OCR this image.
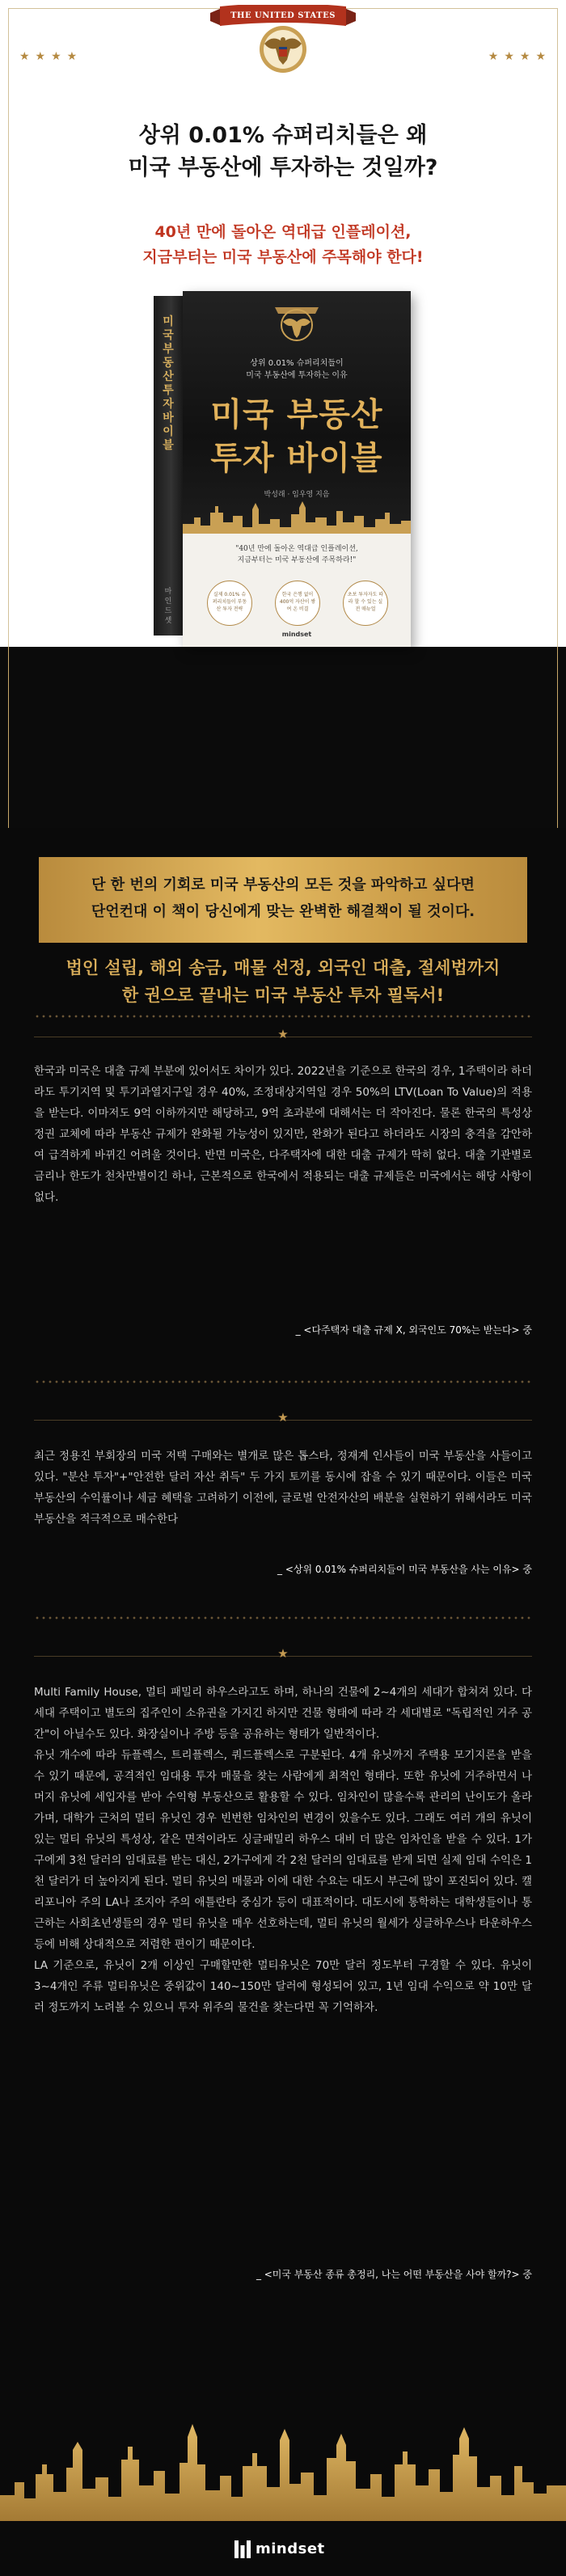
★★★★	★★★★
THE UNITED STATES
상위 0.01% 슈퍼리치들은 왜
미국 부동산에 투자하는 것일까?
40년 만에 돌아온 역대급 인플레이션,
지금부터는 미국 부동산에 주목해야 한다!
미국 부동산 투자 바이블
마인드셋
상위 0.01% 슈퍼리치들이
미국 부동산에 투자하는 이유
미국 부동산
투자 바이블
박성래 · 임우영 지음
"40년 만에 돌아온 역대급 인플레이션,
지금부터는 미국 부동산에 주목하라!"
실제 0.01% 슈퍼리치들이 부동산 투자 전략
한국 은행 없이 400억 자산이 쌓여 온 비결
초보 투자자도 따라 할 수 있는 실전 매뉴얼
mindset
단 한 번의 기회로 미국 부동산의 모든 것을 파악하고 싶다면
단언컨대 이 책이 당신에게 맞는 완벽한 해결책이 될 것이다.
법인 설립, 해외 송금, 매물 선정, 외국인 대출, 절세법까지
한 권으로 끝내는 미국 부동산 투자 필독서!
★
한국과 미국은 대출 규제 부분에 있어서도 차이가 있다. 2022년을 기준으로 한국의 경우, 1주택이라 하더라도 투기지역 및 투기과열지구일 경우 40%, 조정대상지역일 경우 50%의 LTV(Loan To Value)의 적용을 받는다. 이마저도 9억 이하까지만 해당하고, 9억 초과분에 대해서는 더 작아진다. 물론 한국의 특성상 정권 교체에 따라 부동산 규제가 완화될 가능성이 있지만, 완화가 된다고 하더라도 시장의 충격을 감안하여 급격하게 바뀌긴 어려울 것이다. 반면 미국은, 다주택자에 대한 대출 규제가 딱히 없다. 대출 기관별로 금리나 한도가 천차만별이긴 하나, 근본적으로 한국에서 적용되는 대출 규제들은 미국에서는 해당 사항이 없다.
_ <다주택자 대출 규제 X, 외국인도 70%는 받는다> 중
★
최근 정용진 부회장의 미국 저택 구매와는 별개로 많은 톱스타, 정재계 인사들이 미국 부동산을 사들이고 있다. "분산 투자"+"안전한 달러 자산 취득" 두 가지 토끼를 동시에 잡을 수 있기 때문이다. 이들은 미국 부동산의 수익률이나 세금 혜택을 고려하기 이전에, 글로벌 안전자산의 배분을 실현하기 위해서라도 미국 부동산을 적극적으로 매수한다
_ <상위 0.01% 슈퍼리치들이 미국 부동산을 사는 이유> 중
★
Multi Family House, 멀티 패밀리 하우스라고도 하며, 하나의 건물에 2~4개의 세대가 합쳐져 있다. 다세대 주택이고 별도의 집주인이 소유권을 가지긴 하지만 건물 형태에 따라 각 세대별로 "독립적인 거주 공간"이 아닐수도 있다. 화장실이나 주방 등을 공유하는 형태가 일반적이다.
유닛 개수에 따라 듀플렉스, 트리플렉스, 쿼드플렉스로 구분된다. 4개 유닛까지 주택용 모기지론을 받을 수 있기 때문에, 공격적인 임대용 투자 매물을 찾는 사람에게 최적인 형태다. 또한 유닛에 거주하면서 나머지 유닛에 세입자를 받아 수익형 부동산으로 활용할 수 있다. 임차인이 많을수록 관리의 난이도가 올라가며, 대학가 근처의 멀티 유닛인 경우 빈번한 임차인의 변경이 있을수도 있다. 그래도 여러 개의 유닛이 있는 멀티 유닛의 특성상, 같은 면적이라도 싱글패밀리 하우스 대비 더 많은 임차인을 받을 수 있다. 1가구에게 3천 달러의 임대료를 받는 대신, 2가구에게 각 2천 달러의 임대료를 받게 되면 실제 임대 수익은 1천 달러가 더 높아지게 된다. 멀티 유닛의 매물과 이에 대한 수요는 대도시 부근에 많이 포진되어 있다. 캘리포니아 주의 LA나 조지아 주의 애틀란타 중심가 등이 대표적이다. 대도시에 통학하는 대학생들이나 통근하는 사회초년생들의 경우 멀티 유닛을 매우 선호하는데, 멀티 유닛의 월세가 싱글하우스나 타운하우스 등에 비해 상대적으로 저렴한 편이기 때문이다.
LA 기준으로, 유닛이 2개 이상인 구매할만한 멀티유닛은 70만 달러 정도부터 구경할 수 있다. 유닛이 3~4개인 주류 멀티유닛은 중위값이 140~150만 달러에 형성되어 있고, 1년 임대 수익으로 약 10만 달러 정도까지 노려볼 수 있으니 투자 위주의 물건을 찾는다면 꼭 기억하자.
_ <미국 부동산 종류 총정리, 나는 어떤 부동산을 사야 할까?> 중
mindset
